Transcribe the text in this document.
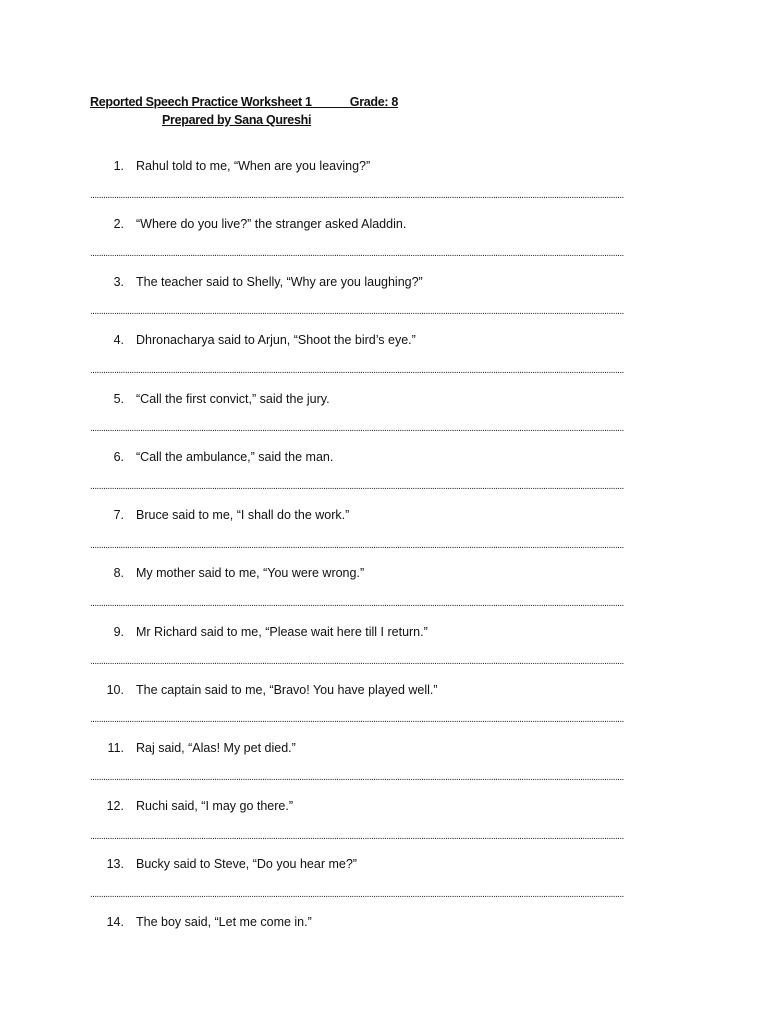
Reported Speech Practice Worksheet 1            Grade: 8
Prepared by Sana Qureshi
1. Rahul told to me, “When are you leaving?”
.....................................................................................................................................................................................................................................................
2. “Where do you live?” the stranger asked Aladdin.
.....................................................................................................................................................................................................................................................
3. The teacher said to Shelly, “Why are you laughing?”
.....................................................................................................................................................................................................................................................
4. Dhronacharya said to Arjun, “Shoot the bird’s eye.”
.....................................................................................................................................................................................................................................................
5. “Call the first convict,” said the jury.
.....................................................................................................................................................................................................................................................
6. “Call the ambulance,” said the man.
.....................................................................................................................................................................................................................................................
7. Bruce said to me, “I shall do the work.”
.....................................................................................................................................................................................................................................................
8. My mother said to me, “You were wrong.”
.....................................................................................................................................................................................................................................................
9. Mr Richard said to me, “Please wait here till I return.”
.....................................................................................................................................................................................................................................................
10. The captain said to me, “Bravo! You have played well.”
.....................................................................................................................................................................................................................................................
11. Raj said, “Alas! My pet died.”
.....................................................................................................................................................................................................................................................
12. Ruchi said, “I may go there.”
.....................................................................................................................................................................................................................................................
13. Bucky said to Steve, “Do you hear me?”
.....................................................................................................................................................................................................................................................
14. The boy said, “Let me come in.”
